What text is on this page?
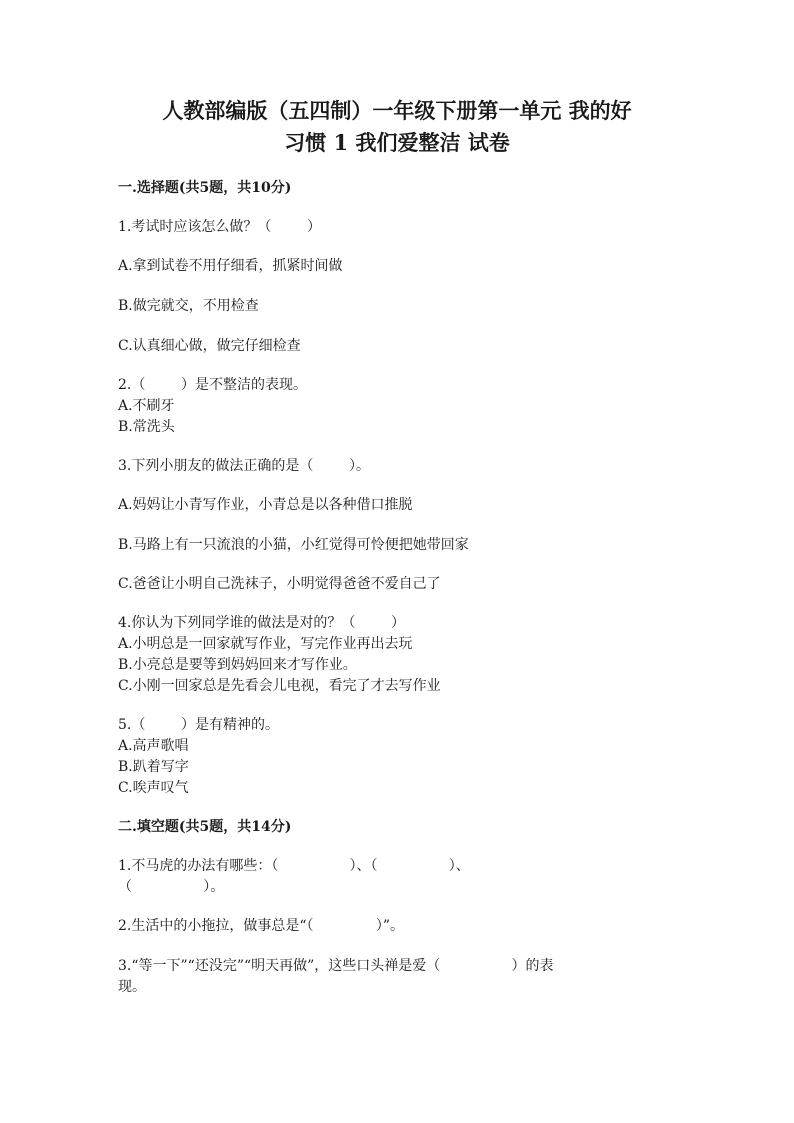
人教部编版（五四制）一年级下册第一单元 我的好
习惯 1 我们爱整洁 试卷
一.选择题(共5题，共10分)
1.考试时应该怎么做？（        ）
A.拿到试卷不用仔细看，抓紧时间做
B.做完就交，不用检查
C.认真细心做，做完仔细检查
2.（        ）是不整洁的表现。
A.不刷牙
B.常洗头
3.下列小朋友的做法正确的是（        ）。
A.妈妈让小青写作业，小青总是以各种借口推脱
B.马路上有一只流浪的小猫，小红觉得可怜便把她带回家
C.爸爸让小明自己洗袜子，小明觉得爸爸不爱自己了
4.你认为下列同学谁的做法是对的？（        ）
A.小明总是一回家就写作业，写完作业再出去玩
B.小亮总是要等到妈妈回来才写作业。
C.小刚一回家总是先看会儿电视，看完了才去写作业
5.（        ）是有精神的。
A.高声歌唱
B.趴着写字
C.唉声叹气
二.填空题(共5题，共14分)
1.不马虎的办法有哪些：（                ）、（                ）、
（                ）。
2.生活中的小拖拉，做事总是“（              ）”。
3.“等一下”“还没完”“明天再做”，这些口头禅是爱（                ）的表
现。
